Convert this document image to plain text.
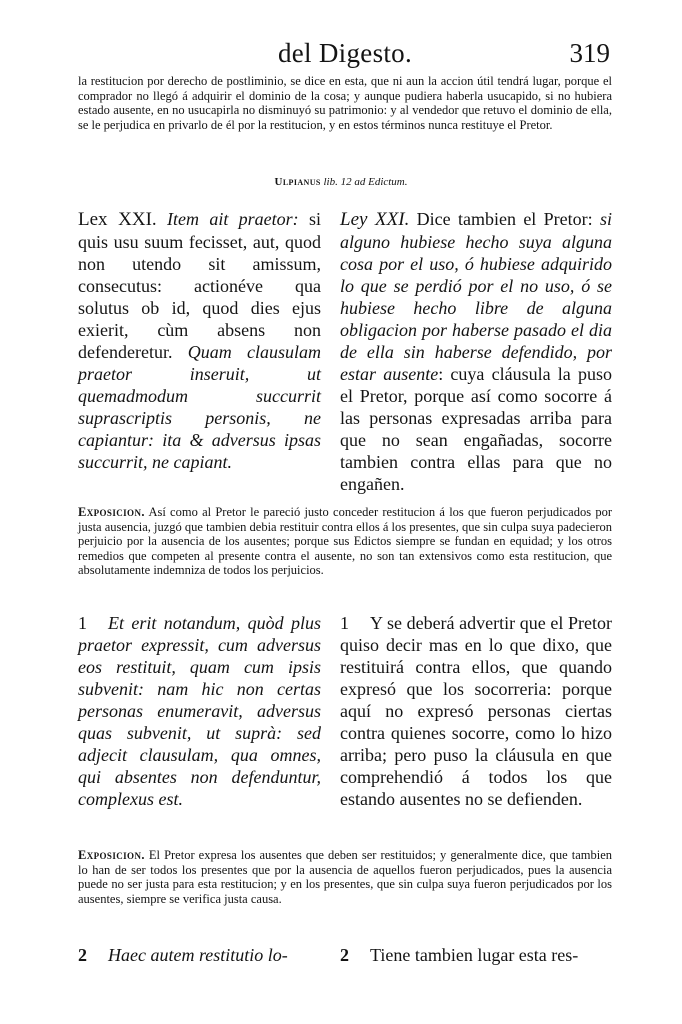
del Digesto.	319

la restitucion por derecho de postliminio, se dice en esta, que ni aun la accion útil tendrá lugar, porque el comprador no llegó á adquirir el dominio de la cosa; y aunque pudiera haberla usucapido, si no hubiera estado ausente, en no usucapirla no disminuyó su patrimonio: y al vendedor que retuvo el dominio de ella, se le perjudica en privarlo de él por la restitucion, y en estos términos nunca restituye el Pretor.

Ulpianus lib. 12 ad Edictum.

Lex XXI. Item ait praetor: si quis usu suum fecisset, aut, quod non utendo sit amissum, consecutus: actionéve qua solutus ob id, quod dies ejus exierit, cùm absens non defenderetur. Quam clausulam praetor inseruit, ut quemadmodum succurrit suprascriptis personis, ne capiantur: ita & adversus ipsas succurrit, ne capiant.

Ley XXI. Dice tambien el Pretor: si alguno hubiese hecho suya alguna cosa por el uso, ó hubiese adquirido lo que se perdió por el no uso, ó se hubiese hecho libre de alguna obligacion por haberse pasado el dia de ella sin haberse defendido, por estar ausente: cuya cláusula la puso el Pretor, porque así como socorre á las personas expresadas arriba para que no sean engañadas, socorre tambien contra ellas para que no engañen.

Exposicion. Así como al Pretor le pareció justo conceder restitucion á los que fueron perjudicados por justa ausencia, juzgó que tambien debia restituir contra ellos á los presentes, que sin culpa suya padecieron perjuicio por la ausencia de los ausentes; porque sus Edictos siempre se fundan en equidad; y los otros remedios que competen al presente contra el ausente, no son tan extensivos como esta restitucion, que absolutamente indemniza de todos los perjuicios.

1 Et erit notandum, quòd plus praetor expressit, cum adversus eos restituit, quam cum ipsis subvenit: nam hic non certas personas enumeravit, adversus quas subvenit, ut suprà: sed adjecit clausulam, qua omnes, qui absentes non defenduntur, complexus est.

1 Y se deberá advertir que el Pretor quiso decir mas en lo que dixo, que restituirá contra ellos, que quando expresó que los socorreria: porque aquí no expresó personas ciertas contra quienes socorre, como lo hizo arriba; pero puso la cláusula en que comprehendió á todos los que estando ausentes no se defienden.

Exposicion. El Pretor expresa los ausentes que deben ser restituidos; y generalmente dice, que tambien lo han de ser todos los presentes que por la ausencia de aquellos fueron perjudicados, pues la ausencia puede no ser justa para esta restitucion; y en los presentes, que sin culpa suya fueron perjudicados por los ausentes, siempre se verifica justa causa.

2 Haec autem restitutio lo-	2 Tiene tambien lugar esta res-
